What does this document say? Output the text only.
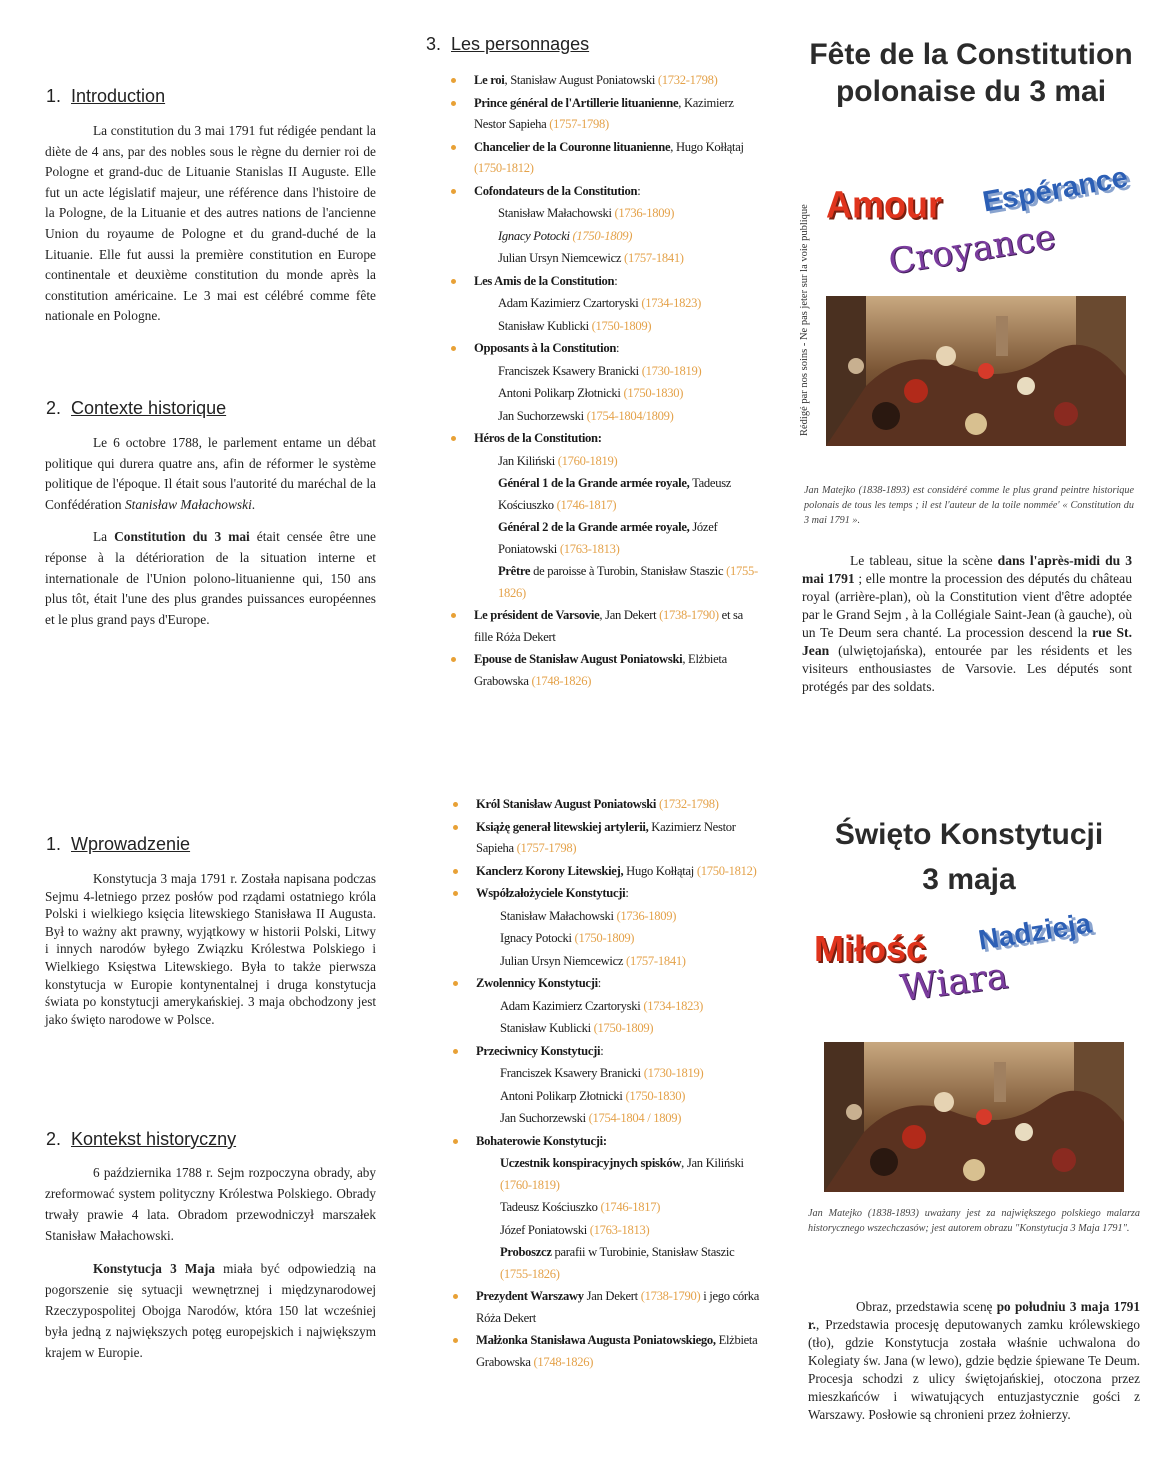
1. Introduction

La constitution du 3 mai 1791 fut rédigée pendant la diète de 4 ans, par des nobles sous le règne du dernier roi de Pologne et grand-duc de Lituanie Stanislas II Auguste. Elle fut un acte législatif majeur, une référence dans l'histoire de la Pologne, de la Lituanie et des autres nations de l'ancienne Union du royaume de Pologne et du grand-duché de la Lituanie. Elle fut aussi la première constitution en Europe continentale et deuxième constitution du monde après la constitution américaine. Le 3 mai est célébré comme fête nationale en Pologne.

2. Contexte historique

Le 6 octobre 1788, le parlement entame un débat politique qui durera quatre ans, afin de réformer le système politique de l'époque. Il était sous l'autorité du maréchal de la Confédération Stanisław Małachowski.

La Constitution du 3 mai était censée être une réponse à la détérioration de la situation interne et internationale de l'Union polono-lituanienne qui, 150 ans plus tôt, était l'une des plus grandes puissances européennes et le plus grand pays d'Europe.

3. Les personnages
Le roi, Stanisław August Poniatowski (1732-1798)
Prince général de l'Artillerie lituanienne, Kazimierz Nestor Sapieha (1757-1798)
Chancelier de la Couronne lituanienne, Hugo Kołłątaj (1750-1812)
Cofondateurs de la Constitution:
Stanisław Małachowski (1736-1809)
Ignacy Potocki (1750-1809)
Julian Ursyn Niemcewicz (1757-1841)
Les Amis de la Constitution:
Adam Kazimierz Czartoryski (1734-1823)
Stanisław Kublicki (1750-1809)
Opposants à la Constitution:
Franciszek Ksawery Branicki (1730-1819)
Antoni Polikarp Złotnicki (1750-1830)
Jan Suchorzewski (1754-1804/1809)
Héros de la Constitution:
Jan Kiliński (1760-1819)
Général 1 de la Grande armée royale, Tadeusz Kościuszko (1746-1817)
Général 2 de la Grande armée royale, Józef Poniatowski (1763-1813)
Prêtre de paroisse à Turobin, Stanisław Staszic (1755-1826)
Le président de Varsovie, Jan Dekert (1738-1790) et sa fille Róża Dekert
Epouse de Stanisław August Poniatowski, Elżbieta Grabowska (1748-1826)
Fête de la Constitution polonaise du 3 mai
Rédigé par nos soins - Ne pas jeter sur la voie publique Amour Espérance
Croyance
Jan Matejko (1838-1893) est considéré comme le plus grand peintre historique polonais de tous les temps ; il est l'auteur de la toile nommée' « Constitution du 3 mai 1791 ».

Le tableau, situe la scène dans l'après-midi du 3 mai 1791 ; elle montre la procession des députés du château royal (arrière-plan), où la Constitution vient d'être adoptée par le Grand Sejm , à la Collégiale Saint-Jean (à gauche), où un Te Deum sera chanté. La procession descend la rue St. Jean (ulwiętojańska), entourée par les résidents et les visiteurs enthousiastes de Varsovie. Les députés sont protégés par des soldats.

1. Wprowadzenie

Konstytucja 3 maja 1791 r. Została napisana podczas Sejmu 4-letniego przez posłów pod rządami ostatniego króla Polski i wielkiego księcia litewskiego Stanisława II Augusta. Był to ważny akt prawny, wyjątkowy w historii Polski, Litwy i innych narodów byłego Związku Królestwa Polskiego i Wielkiego Księstwa Litewskiego. Była to także pierwsza konstytucja w Europie kontynentalnej i druga konstytucja świata po konstytucji amerykańskiej. 3 maja obchodzony jest jako święto narodowe w Polsce.

2. Kontekst historyczny

6 października 1788 r. Sejm rozpoczyna obrady, aby zreformować system polityczny Królestwa Polskiego. Obrady trwały prawie 4 lata. Obradom przewodniczył marszałek Stanisław Małachowski.

Konstytucja 3 Maja miała być odpowiedzią na pogorszenie się sytuacji wewnętrznej i międzynarodowej Rzeczypospolitej Obojga Narodów, która 150 lat wcześniej była jedną z największych potęg europejskich i największym krajem w Europie.

Król Stanisław August Poniatowski (1732-1798)
Książę generał litewskiej artylerii, Kazimierz Nestor Sapieha (1757-1798)
Kanclerz Korony Litewskiej, Hugo Kołłątaj (1750-1812)
Współzałożyciele Konstytucji:
Stanisław Małachowski (1736-1809)
Ignacy Potocki (1750-1809)
Julian Ursyn Niemcewicz (1757-1841)
Zwolennicy Konstytucji:
Adam Kazimierz Czartoryski (1734-1823)
Stanisław Kublicki (1750-1809)
Przeciwnicy Konstytucji:
Franciszek Ksawery Branicki (1730-1819)
Antoni Polikarp Złotnicki (1750-1830)
Jan Suchorzewski (1754-1804 / 1809)
Bohaterowie Konstytucji:
Uczestnik konspiracyjnych spisków, Jan Kiliński (1760-1819)
Tadeusz Kościuszko (1746-1817)
Józef Poniatowski (1763-1813)
Proboszcz parafii w Turobinie, Stanisław Staszic (1755-1826)
Prezydent Warszawy Jan Dekert (1738-1790) i jego córka Róża Dekert
Małżonka Stanisława Augusta Poniatowskiego, Elżbieta Grabowska (1748-1826)
Święto Konstytucji
3 maja
Miłość Nadzieja
Wiara
Jan Matejko (1838-1893) uważany jest za największego polskiego malarza historycznego wszechczasów; jest autorem obrazu "Konstytucja 3 Maja 1791".

Obraz, przedstawia scenę po południu 3 maja 1791 r., Przedstawia procesję deputowanych zamku królewskiego (tło), gdzie Konstytucja została właśnie uchwalona do Kolegiaty św. Jana (w lewo), gdzie będzie śpiewane Te Deum. Procesja schodzi z ulicy świętojańskiej, otoczona przez mieszkańców i wiwatujących entuzjastycznie gości z Warszawy. Posłowie są chronieni przez żołnierzy.
